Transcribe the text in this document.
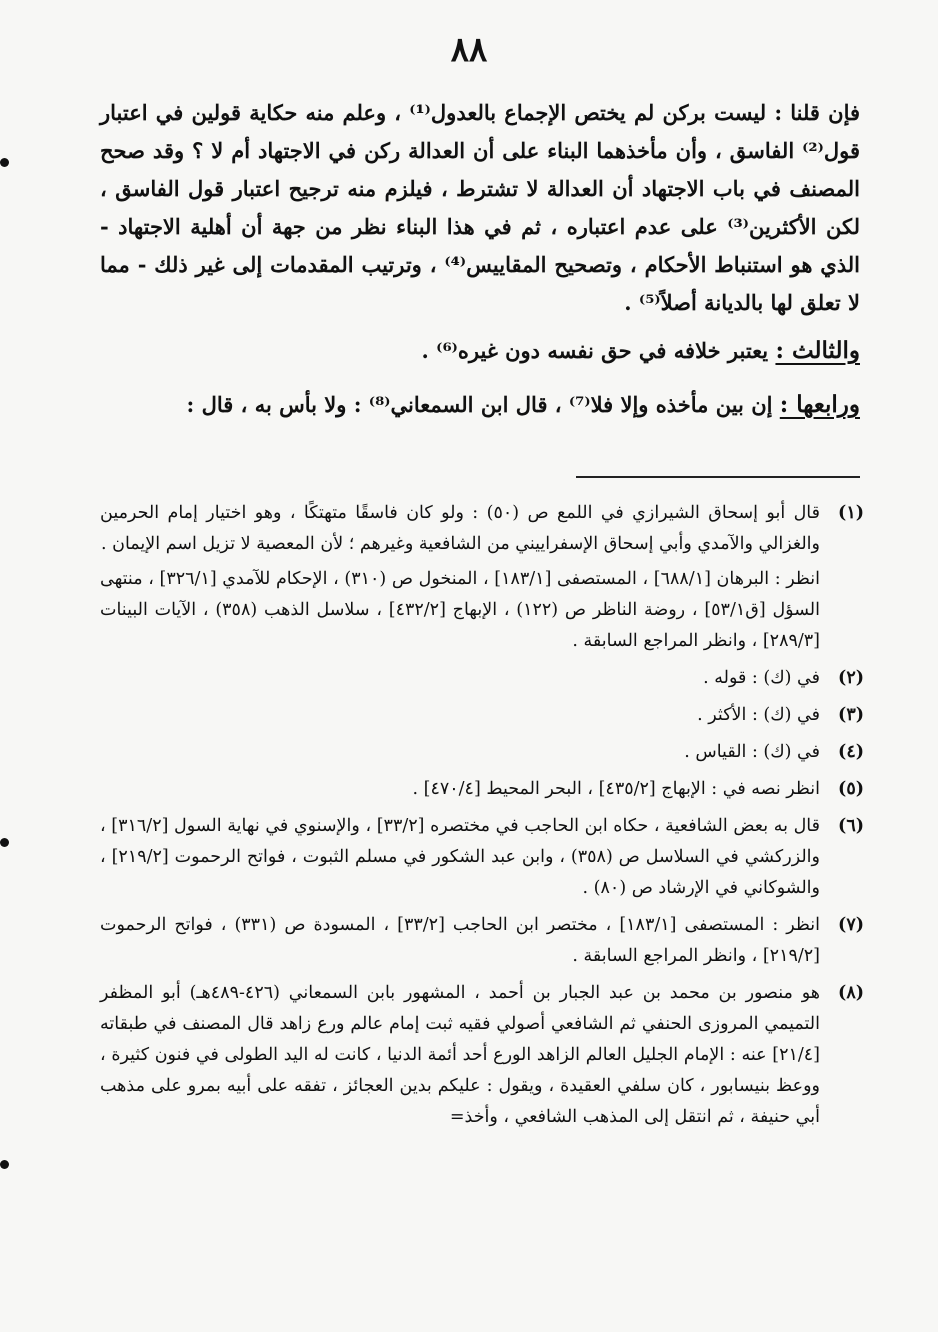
٨٨

فإن قلنا : ليست بركن لم يختص الإجماع بالعدول⁽¹⁾ ، وعلم منه حكاية قولين في اعتبار قول⁽²⁾ الفاسق ، وأن مأخذهما البناء على أن العدالة ركن في الاجتهاد أم لا ؟ وقد صحح المصنف في باب الاجتهاد أن العدالة لا تشترط ، فيلزم منه ترجيح اعتبار قول الفاسق ، لكن الأكثرين⁽³⁾ على عدم اعتباره ، ثم في هذا البناء نظر من جهة أن أهلية الاجتهاد - الذي هو استنباط الأحكام ، وتصحيح المقاييس⁽⁴⁾ ، وترتيب المقدمات إلى غير ذلك - مما لا تعلق لها بالديانة أصلاً⁽⁵⁾ .

والثالث : يعتبر خلافه في حق نفسه دون غيره⁽⁶⁾ .

ورابعها : إن بين مأخذه وإلا فلا⁽⁷⁾ ، قال ابن السمعاني⁽⁸⁾ : ولا بأس به ، قال :

(١)

قال أبو إسحاق الشيرازي في اللمع ص (٥٠) : ولو كان فاسقًا متهتكًا ، وهو اختيار إمام الحرمين والغزالي والآمدي وأبي إسحاق الإسفراييني من الشافعية وغيرهم ؛ لأن المعصية لا تزيل اسم الإيمان .

انظر : البرهان [٦٨٨/١] ، المستصفى [١٨٣/١] ، المنخول ص (٣١٠) ، الإحكام للآمدي [٣٢٦/١] ، منتهى السؤل [ق٥٣/١] ، روضة الناظر ص (١٢٢) ، الإبهاج [٤٣٢/٢] ، سلاسل الذهب (٣٥٨) ، الآيات البينات [٢٨٩/٣] ، وانظر المراجع السابقة .

(٢)
في (ك) : قوله .
(٣)
في (ك) : الأكثر .
(٤)
في (ك) : القياس .
(٥)
انظر نصه في : الإبهاج [٤٣٥/٢] ، البحر المحيط [٤٧٠/٤] .
(٦)
قال به بعض الشافعية ، حكاه ابن الحاجب في مختصره [٣٣/٢] ، والإسنوي في نهاية السول [٣١٦/٢] ، والزركشي في السلاسل ص (٣٥٨) ، وابن عبد الشكور في مسلم الثبوت ، فواتح الرحموت [٢١٩/٢] ، والشوكاني في الإرشاد ص (٨٠) .
(٧)
انظر : المستصفى [١٨٣/١] ، مختصر ابن الحاجب [٣٣/٢] ، المسودة ص (٣٣١) ، فواتح الرحموت [٢١٩/٢] ، وانظر المراجع السابقة .
(٨)
هو منصور بن محمد بن عبد الجبار بن أحمد ، المشهور بابن السمعاني (٤٢٦-٤٨٩هـ) أبو المظفر التميمي المروزى الحنفي ثم الشافعي أصولي فقيه ثبت إمام عالم ورع زاهد قال المصنف في طبقاته [٢١/٤] عنه : الإمام الجليل العالم الزاهد الورع أحد أئمة الدنيا ، كانت له اليد الطولى في فنون كثيرة ، ووعظ بنيسابور ، كان سلفي العقيدة ، ويقول : عليكم بدين العجائز ، تفقه على أبيه بمرو على مذهب أبي حنيفة ، ثم انتقل إلى المذهب الشافعي ، وأخذ=
